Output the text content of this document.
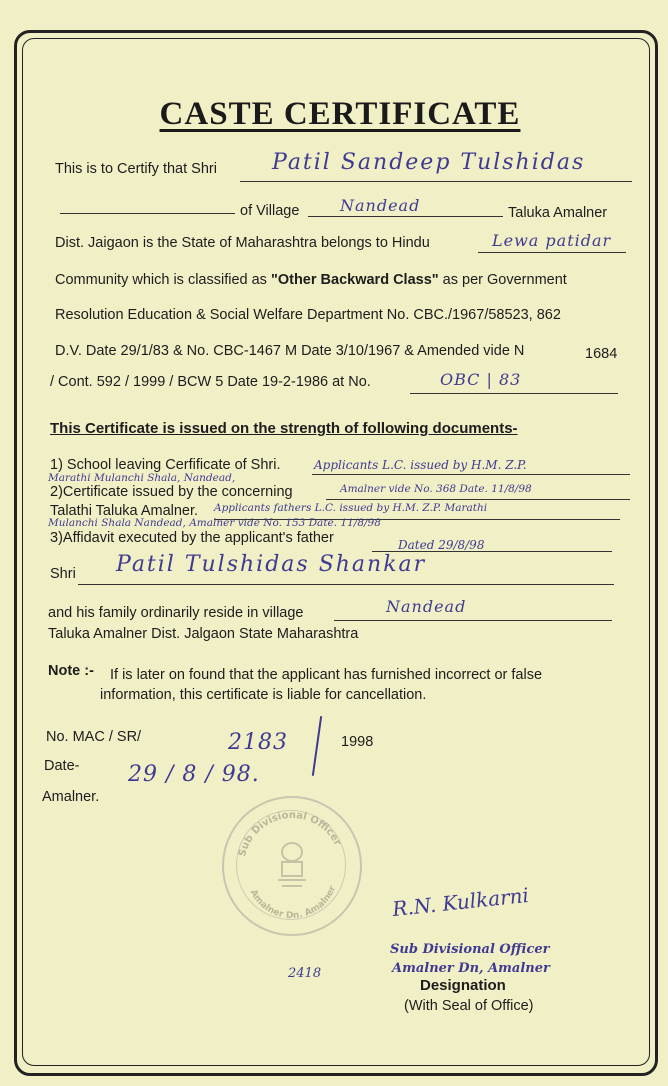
CASTE CERTIFICATE
This is to Certify that Shri	Patil Sandeep Tulshidas
of Village	Nandead	Taluka Amalner
Dist. Jaigaon is the State of Maharashtra belongs to Hindu	Lewa patidar
Community which is classified as "Other Backward Class" as per Government
Resolution Education & Social Welfare Department No. CBC./1967/58523, 862
D.V. Date 29/1/83 & No. CBC-1467 M Date 3/10/1967 & Amended vide N	1684
/ Cont. 592 / 1999 / BCW 5 Date 19-2-1986 at No.	OBC | 83
This Certificate is issued on the strength of following documents-
1) School leaving Cerfificate of Shri.	Applicants L.C. issued by H.M. Z.P.
Marathi Mulanchi Shala, Nandead,
Amalner vide No. 368 Date. 11/8/98
2)Certificate issued by the concerning
Talathi Taluka Amalner. Applicants fathers L.C. issued by H.M. Z.P. Marathi
Mulanchi Shala Nandead, Amalner vide No. 153 Date. 11/8/98
3)Affidavit executed by the applicant's father	Dated 29/8/98
Shri Patil Tulshidas Shankar
and his family ordinarily reside in village	Nandead
Taluka Amalner Dist. Jalgaon State Maharashtra
Note :- If is later on found that the applicant has furnished incorrect or false
information, this certificate is liable for cancellation.
No. MAC / SR/	2183	1998
Date- 29 / 8 / 98.
Amalner.
Sub Divisional Officer
Amalner Dn. Amalner
2418
R.N. Kulkarni
Sub Divisional Officer
Amalner Dn, Amalner
Designation
(With Seal of Office)
